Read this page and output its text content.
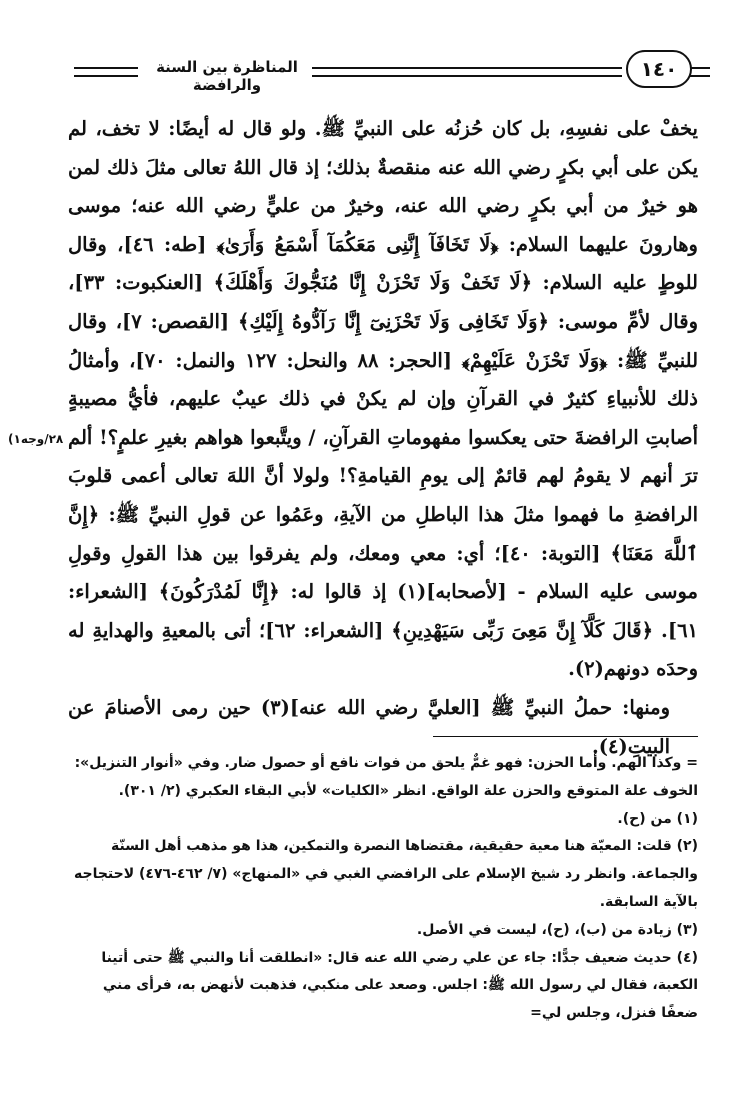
المناظرة بين السنة والرافضة
١٤٠
٢٨/وجه١)

يخفْ على نفسِهِ، بل كان حُزنُه على النبيِّ ﷺ. ولو قال له أيضًا: لا تخف، لم يكن على أبي بكرٍ رضي الله عنه منقصةٌ بذلك؛ إذ قال اللهُ تعالى مثلَ ذلك لمن هو خيرٌ من أبي بكرٍ رضي الله عنه، وخيرٌ من عليٍّ رضي الله عنه؛ موسى وهارونَ عليهما السلام: ﴿لَا تَخَافَآ إِنَّنِى مَعَكُمَآ أَسْمَعُ وَأَرَىٰ﴾ [طه: ٤٦]، وقال للوطٍ عليه السلام: ﴿لَا تَخَفْ وَلَا تَحْزَنْ إِنَّا مُنَجُّوكَ وَأَهْلَكَ﴾ [العنكبوت: ٣٣]، وقال لأمِّ موسى: ﴿وَلَا تَخَافِى وَلَا تَحْزَنِىٓ إِنَّا رَآدُّوهُ إِلَيْكِ﴾ [القصص: ٧]، وقال للنبيِّ ﷺ: ﴿وَلَا تَحْزَنْ عَلَيْهِمْ﴾ [الحجر: ٨٨ والنحل: ١٢٧ والنمل: ٧٠]، وأمثالُ ذلك للأنبياءِ كثيرٌ في القرآنِ وإن لم يكنْ في ذلك عيبٌ عليهم، فأيُّ مصيبةٍ أصابتِ الرافضةَ حتى يعكسوا مفهوماتِ القرآنِ، / ويتَّبعوا هواهم بغيرِ علمٍ؟! ألم ترَ أنهم لا يقومُ لهم قائمٌ إلى يومِ القيامةِ؟! ولولا أنَّ اللهَ تعالى أعمى قلوبَ الرافضةِ ما فهموا مثلَ هذا الباطلِ من الآيةِ، وعَمُوا عن قولِ النبيِّ ﷺ: ﴿إِنَّ ٱللَّهَ مَعَنَا﴾ [التوبة: ٤٠]؛ أي: معي ومعك، ولم يفرقوا بين هذا القولِ وقولِ موسى عليه السلام - [لأصحابه](١) إذ قالوا له: ﴿إِنَّا لَمُدْرَكُونَ﴾ [الشعراء: ٦١]. ﴿قَالَ كَلَّآ إِنَّ مَعِىَ رَبِّى سَيَهْدِينِ﴾ [الشعراء: ٦٢]؛ أتى بالمعيةِ والهدايةِ له وحدَه دونهم(٢).

ومنها: حملُ النبيِّ ﷺ [العليَّ رضي الله عنه](٣) حين رمى الأصنامَ عن البيتِ(٤).

= وكذا الهم. وأما الحزن: فهو غمٌّ يلحق من فوات نافع أو حصول ضار. وفي «أنوار التنزيل»: الخوف علة المتوقع والحزن علة الواقع. انظر «الكليات» لأبي البقاء العكبري (٢/ ٣٠١).

(١) من (ح).

(٢) قلت: المعيّة هنا معية حقيقية، مقتضاها النصرة والتمكين، هذا هو مذهب أهل السنّة والجماعة. وانظر رد شيخ الإسلام على الرافضي الغبي في «المنهاج» (٧/ ٤٦٢-٤٧٦) لاحتجاجه بالآية السابقة.

(٣) زيادة من (ب)، (ح)، ليست في الأصل.

(٤) حديث ضعيف جدًّا: جاء عن علي رضي الله عنه قال: «انطلقت أنا والنبي ﷺ حتى أتينا الكعبة، فقال لي رسول الله ﷺ: اجلس. وصعد على منكبي، فذهبت لأنهض به، فرأى مني ضعفًا فنزل، وجلس لي=
